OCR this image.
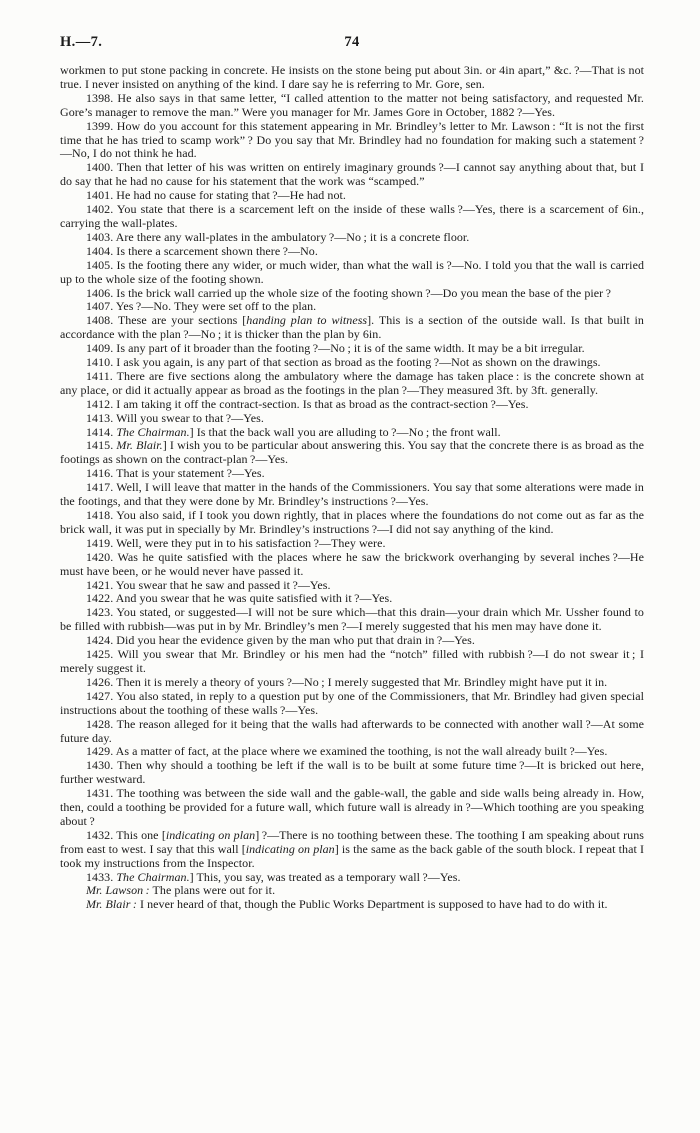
H.—7.	74

workmen to put stone packing in concrete. He insists on the stone being put about 3in. or 4in apart,” &c. ?—That is not true. I never insisted on anything of the kind. I dare say he is referring to Mr. Gore, sen.

1398. He also says in that same letter, “I called attention to the matter not being satisfactory, and requested Mr. Gore’s manager to remove the man.” Were you manager for Mr. James Gore in October, 1882 ?—Yes.

1399. How do you account for this statement appearing in Mr. Brindley’s letter to Mr. Lawson : “It is not the first time that he has tried to scamp work” ? Do you say that Mr. Brindley had no foundation for making such a statement ?—No, I do not think he had.

1400. Then that letter of his was written on entirely imaginary grounds ?—I cannot say anything about that, but I do say that he had no cause for his statement that the work was “scamped.”

1401. He had no cause for stating that ?—He had not.

1402. You state that there is a scarcement left on the inside of these walls ?—Yes, there is a scarcement of 6in., carrying the wall-plates.

1403. Are there any wall-plates in the ambulatory ?—No ; it is a concrete floor.

1404. Is there a scarcement shown there ?—No.

1405. Is the footing there any wider, or much wider, than what the wall is ?—No. I told you that the wall is carried up to the whole size of the footing shown.

1406. Is the brick wall carried up the whole size of the footing shown ?—Do you mean the base of the pier ?

1407. Yes ?—No. They were set off to the plan.

1408. These are your sections [handing plan to witness]. This is a section of the outside wall. Is that built in accordance with the plan ?—No ; it is thicker than the plan by 6in.

1409. Is any part of it broader than the footing ?—No ; it is of the same width. It may be a bit irregular.

1410. I ask you again, is any part of that section as broad as the footing ?—Not as shown on the drawings.

1411. There are five sections along the ambulatory where the damage has taken place : is the concrete shown at any place, or did it actually appear as broad as the footings in the plan ?—They measured 3ft. by 3ft. generally.

1412. I am taking it off the contract-section. Is that as broad as the contract-section ?—Yes.

1413. Will you swear to that ?—Yes.

1414. The Chairman.] Is that the back wall you are alluding to ?—No ; the front wall.

1415. Mr. Blair.] I wish you to be particular about answering this. You say that the concrete there is as broad as the footings as shown on the contract-plan ?—Yes.

1416. That is your statement ?—Yes.

1417. Well, I will leave that matter in the hands of the Commissioners. You say that some alterations were made in the footings, and that they were done by Mr. Brindley’s instructions ?—Yes.

1418. You also said, if I took you down rightly, that in places where the foundations do not come out as far as the brick wall, it was put in specially by Mr. Brindley’s instructions ?—I did not say anything of the kind.

1419. Well, were they put in to his satisfaction ?—They were.

1420. Was he quite satisfied with the places where he saw the brickwork overhanging by several inches ?—He must have been, or he would never have passed it.

1421. You swear that he saw and passed it ?—Yes.

1422. And you swear that he was quite satisfied with it ?—Yes.

1423. You stated, or suggested—I will not be sure which—that this drain—your drain which Mr. Ussher found to be filled with rubbish—was put in by Mr. Brindley’s men ?—I merely suggested that his men may have done it.

1424. Did you hear the evidence given by the man who put that drain in ?—Yes.

1425. Will you swear that Mr. Brindley or his men had the “notch” filled with rubbish ?—I do not swear it ; I merely suggest it.

1426. Then it is merely a theory of yours ?—No ; I merely suggested that Mr. Brindley might have put it in.

1427. You also stated, in reply to a question put by one of the Commissioners, that Mr. Brindley had given special instructions about the toothing of these walls ?—Yes.

1428. The reason alleged for it being that the walls had afterwards to be connected with another wall ?—At some future day.

1429. As a matter of fact, at the place where we examined the toothing, is not the wall already built ?—Yes.

1430. Then why should a toothing be left if the wall is to be built at some future time ?—It is bricked out here, further westward.

1431. The toothing was between the side wall and the gable-wall, the gable and side walls being already in. How, then, could a toothing be provided for a future wall, which future wall is already in ?—Which toothing are you speaking about ?

1432. This one [indicating on plan] ?—There is no toothing between these. The toothing I am speaking about runs from east to west. I say that this wall [indicating on plan] is the same as the back gable of the south block. I repeat that I took my instructions from the Inspector.

1433. The Chairman.] This, you say, was treated as a temporary wall ?—Yes.

Mr. Lawson : The plans were out for it.

Mr. Blair : I never heard of that, though the Public Works Department is supposed to have had to do with it.
